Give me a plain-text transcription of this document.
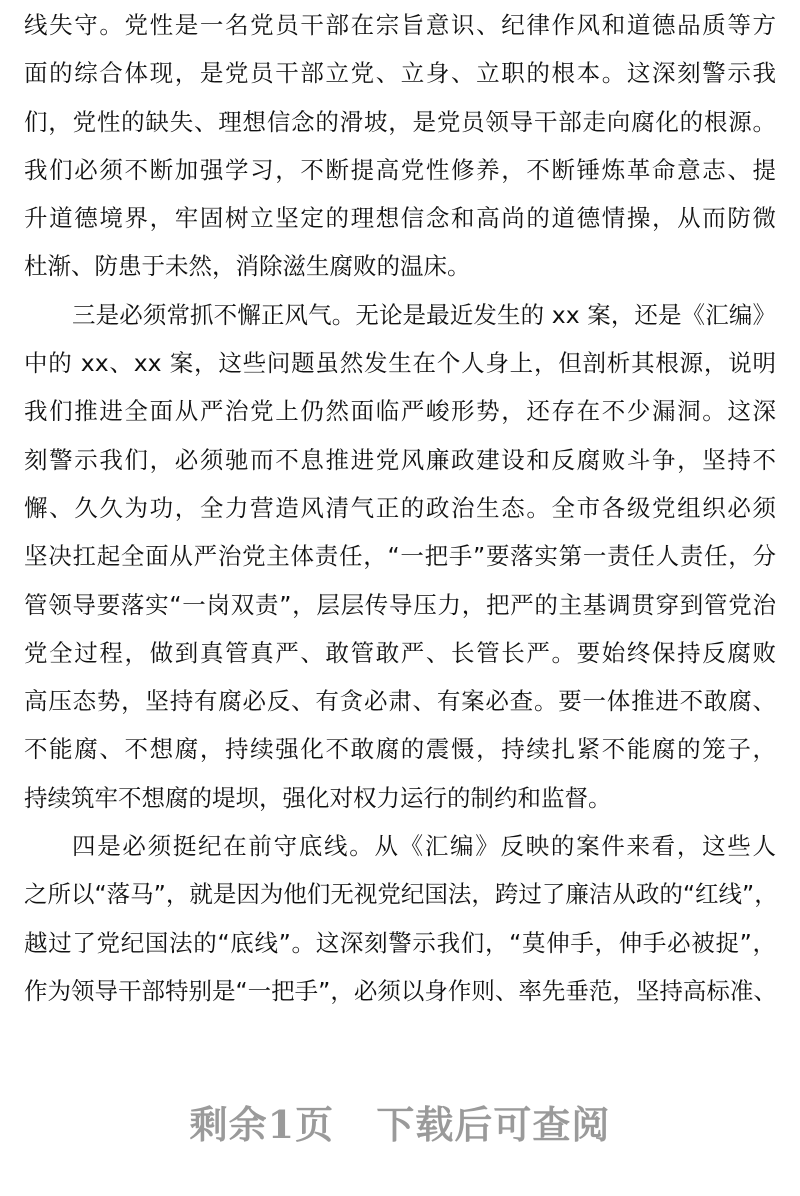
线失守。党性是一名党员干部在宗旨意识、纪律作风和道德品质等方
面的综合体现，是党员干部立党、立身、立职的根本。这深刻警示我
们，党性的缺失、理想信念的滑坡，是党员领导干部走向腐化的根源。
我们必须不断加强学习，不断提高党性修养，不断锤炼革命意志、提
升道德境界，牢固树立坚定的理想信念和高尚的道德情操，从而防微
杜渐、防患于未然，消除滋生腐败的温床。
三是必须常抓不懈正风气。无论是最近发生的 xx 案，还是《汇编》
中的 xx、xx 案，这些问题虽然发生在个人身上，但剖析其根源，说明
我们推进全面从严治党上仍然面临严峻形势，还存在不少漏洞。这深
刻警示我们，必须驰而不息推进党风廉政建设和反腐败斗争，坚持不
懈、久久为功，全力营造风清气正的政治生态。全市各级党组织必须
坚决扛起全面从严治党主体责任，“一把手”要落实第一责任人责任，分
管领导要落实“一岗双责”，层层传导压力，把严的主基调贯穿到管党治
党全过程，做到真管真严、敢管敢严、长管长严。要始终保持反腐败
高压态势，坚持有腐必反、有贪必肃、有案必查。要一体推进不敢腐、
不能腐、不想腐，持续强化不敢腐的震慑，持续扎紧不能腐的笼子，
持续筑牢不想腐的堤坝，强化对权力运行的制约和监督。
四是必须挺纪在前守底线。从《汇编》反映的案件来看，这些人
之所以“落马”，就是因为他们无视党纪国法，跨过了廉洁从政的“红线”，
越过了党纪国法的“底线”。这深刻警示我们，“莫伸手，伸手必被捉”，
作为领导干部特别是“一把手”，必须以身作则、率先垂范，坚持高标准、
剩余1页 下载后可查阅
